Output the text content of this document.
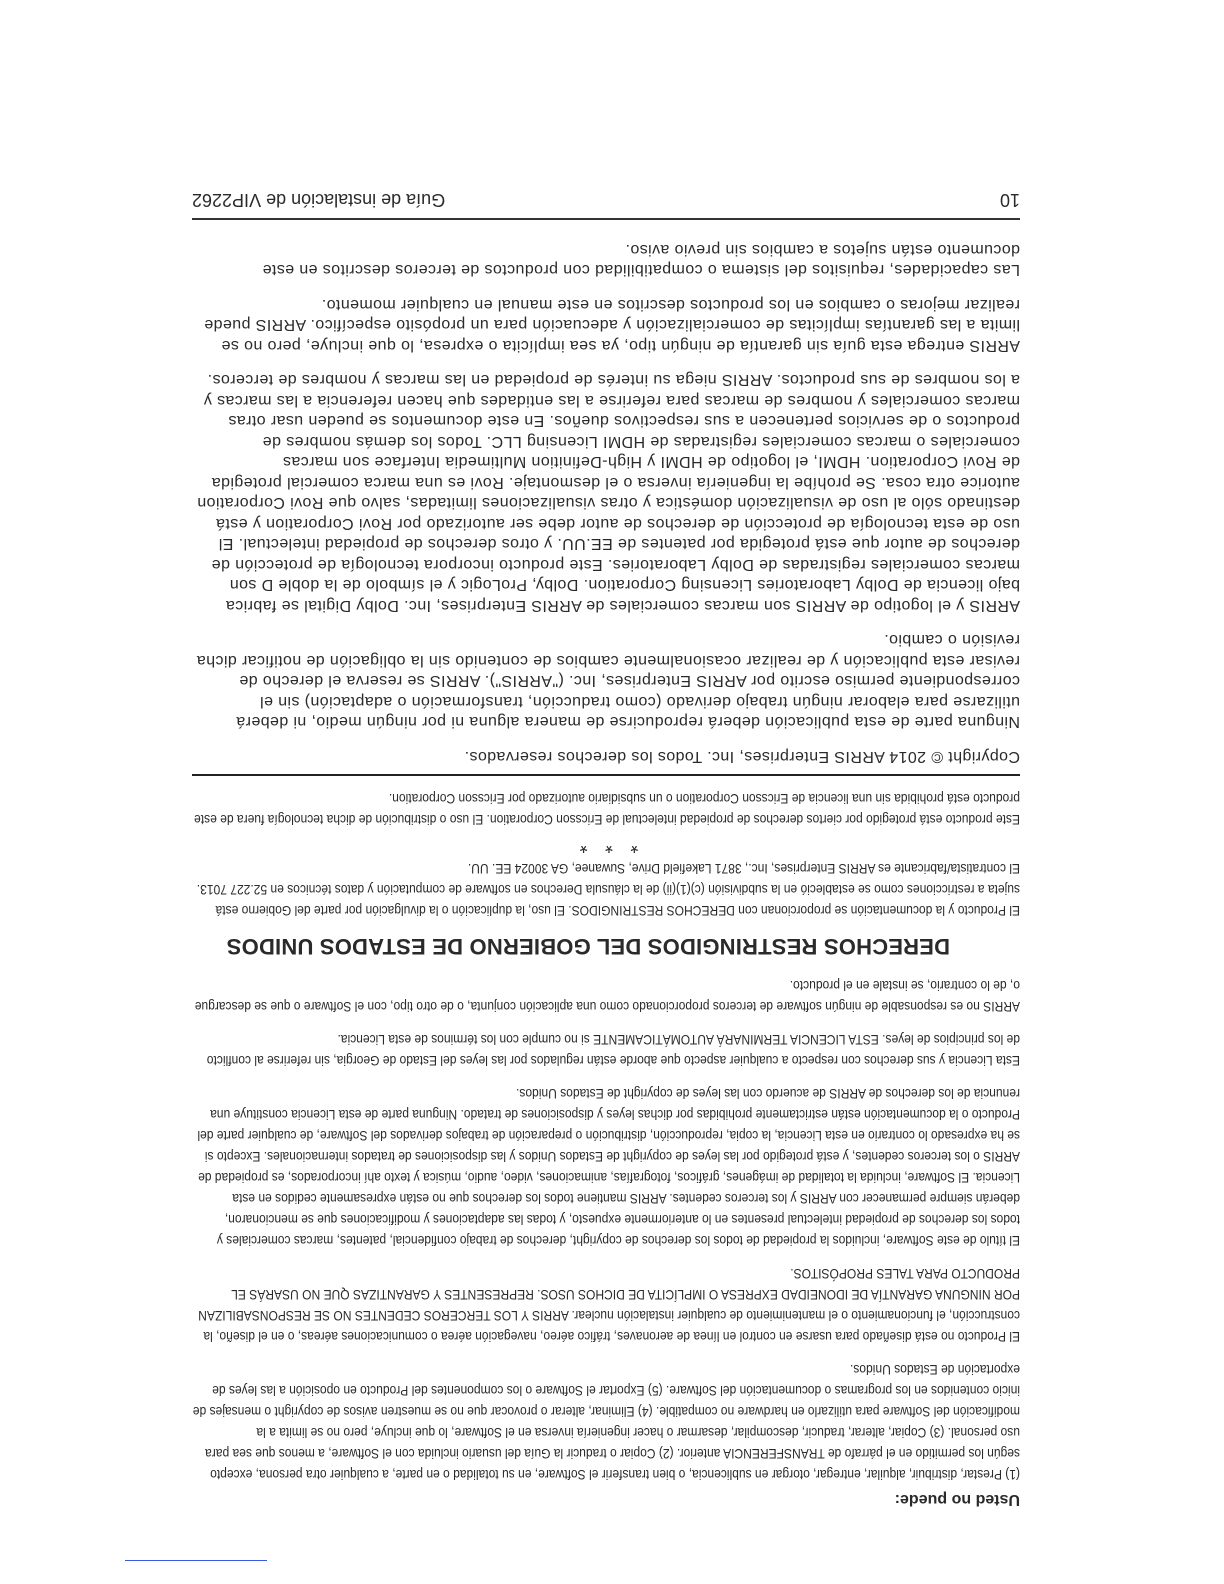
Usted no puede:

(1) Prestar, distribuir, alquilar, entregar, otorgar en sublicencia, o bien transferir el Software, en su totalidad o en parte, a cualquier otra persona, excepto según los permitido en el párrafo de TRANSFERENCIA anterior. (2) Copiar o traducir la Guía del usuario incluida con el Software, a menos que sea para uso personal. (3) Copiar, alterar, traducir, descompilar, desarmar o hacer ingeniería inversa en el Software, lo que incluye, pero no se limita a la modificación del Software para utilizarlo en hardware no compatible. (4) Eliminar, alterar o provocar que no se muestren avisos de copyright o mensajes de inicio contenidos en los programas o documentación del Software. (5) Exportar el Software o los componentes del Producto en oposición a las leyes de exportación de Estados Unidos.

El Producto no está diseñado para usarse en control en línea de aeronaves, tráfico aéreo, navegación aérea o comunicaciones aéreas, o en el diseño, la construcción, el funcionamiento o el mantenimiento de cualquier instalación nuclear. ARRIS Y LOS TERCEROS CEDENTES NO SE RESPONSABILIZAN POR NINGUNA GARANTÍA DE IDONEIDAD EXPRESA O IMPLÍCITA DE DICHOS USOS. REPRESENTES Y GARANTIZAS QUE NO USARÁS EL PRODUCTO PARA TALES PROPÓSITOS.

El título de este Software, incluidos la propiedad de todos los derechos de copyright, derechos de trabajo confidencial, patentes, marcas comerciales y todos los derechos de propiedad intelectual presentes en lo anteriormente expuesto, y todas las adaptaciones y modificaciones que se mencionaron, deberán siempre permanecer con ARRIS y los terceros cedentes. ARRIS mantiene todos los derechos que no están expresamente cedidos en esta Licencia. El Software, incluida la totalidad de imágenes, gráficos, fotografías, animaciones, video, audio, música y texto ahí incorporados, es propiedad de ARRIS o los terceros cedentes, y está protegido por las leyes de copyright de Estados Unidos y las disposiciones de tratados internacionales. Excepto si se ha expresado lo contrario en esta Licencia, la copia, reproducción, distribución o preparación de trabajos derivados del Software, de cualquier parte del Producto o la documentación están estrictamente prohibidas por dichas leyes y disposiciones de tratado. Ninguna parte de esta Licencia constituye una renuncia de los derechos de ARRIS de acuerdo con las leyes de copyright de Estados Unidos.

Esta Licencia y sus derechos con respecto a cualquier aspecto que aborde están regulados por las leyes del Estado de Georgia, sin referirse al conflicto de los principios de leyes. ESTA LICENCIA TERMINARÁ AUTOMÁTICAMENTE si no cumple con los términos de esta Licencia.

ARRIS no es responsable de ningún software de terceros proporcionado como una aplicación conjunta, o de otro tipo, con el Software o que se descargue o, de lo contrario, se instale en el producto.

DERECHOS RESTRINGIDOS DEL GOBIERNO DE ESTADOS UNIDOS

El Producto y la documentación se proporcionan con DERECHOS RESTRINGIDOS. El uso, la duplicación o la divulgación por parte del Gobierno está sujeta a restricciones como se estableció en la subdivisión (c)(1)(ii) de la cláusula Derechos en software de computación y datos técnicos en 52.227 7013. El contratista/fabricante es ARRIS Enterprises, Inc., 3871 Lakefield Drive, Suwanee, GA 30024 EE. UU.

* * *

Este producto está protegido por ciertos derechos de propiedad intelectual de Ericsson Corporation. El uso o distribución de dicha tecnología fuera de este producto está prohibida sin una licencia de Ericsson Corporation o un subsidiario autorizado por Ericsson Corporation.

Copyright © 2014 ARRIS Enterprises, Inc. Todos los derechos reservados.

Ninguna parte de esta publicación deberá reproducirse de manera alguna ni por ningún medio, ni deberá utilizarse para elaborar ningún trabajo derivado (como traducción, transformación o adaptación) sin el correspondiente permiso escrito por ARRIS Enterprises, Inc. ("ARRIS"). ARRIS se reserva el derecho de revisar esta publicación y de realizar ocasionalmente cambios de contenido sin la obligación de notificar dicha revisión o cambio.

ARRIS y el logotipo de ARRIS son marcas comerciales de ARRIS Enterprises, Inc. Dolby Digital se fabrica bajo licencia de Dolby Laboratories Licensing Corporation. Dolby, ProLogic y el símbolo de la doble D son marcas comerciales registradas de Dolby Laboratories. Este producto incorpora tecnología de protección de derechos de autor que está protegida por patentes de EE.UU. y otros derechos de propiedad intelectual. El uso de esta tecnología de protección de derechos de autor debe ser autorizado por Rovi Corporation y está destinado sólo al uso de visualización doméstica y otras visualizaciones limitadas, salvo que Rovi Corporation autorice otra cosa. Se prohíbe la ingeniería inversa o el desmontaje. Rovi es una marca comercial protegida de Rovi Corporation. HDMI, el logotipo de HDMI y High-Definition Multimedia Interface son marcas comerciales o marcas comerciales registradas de HDMI Licensing LLC. Todos los demás nombres de productos o de servicios pertenecen a sus respectivos dueños. En este documentos se pueden usar otras marcas comerciales y nombres de marcas para referirse a las entidades que hacen referencia a las marcas y a los nombres de sus productos. ARRIS niega su interés de propiedad en las marcas y nombres de terceros.

ARRIS entrega esta guía sin garantía de ningún tipo, ya sea implícita o expresa, lo que incluye, pero no se limita a las garantías implícitas de comercialización y adecuación para un propósito específico. ARRIS puede realizar mejoras o cambios en los productos descritos en este manual en cualquier momento.

Las capacidades, requisitos del sistema o compatibilidad con productos de terceros descritos en este documento están sujetos a cambios sin previo aviso.

10
Guía de instalación de VIP2262
